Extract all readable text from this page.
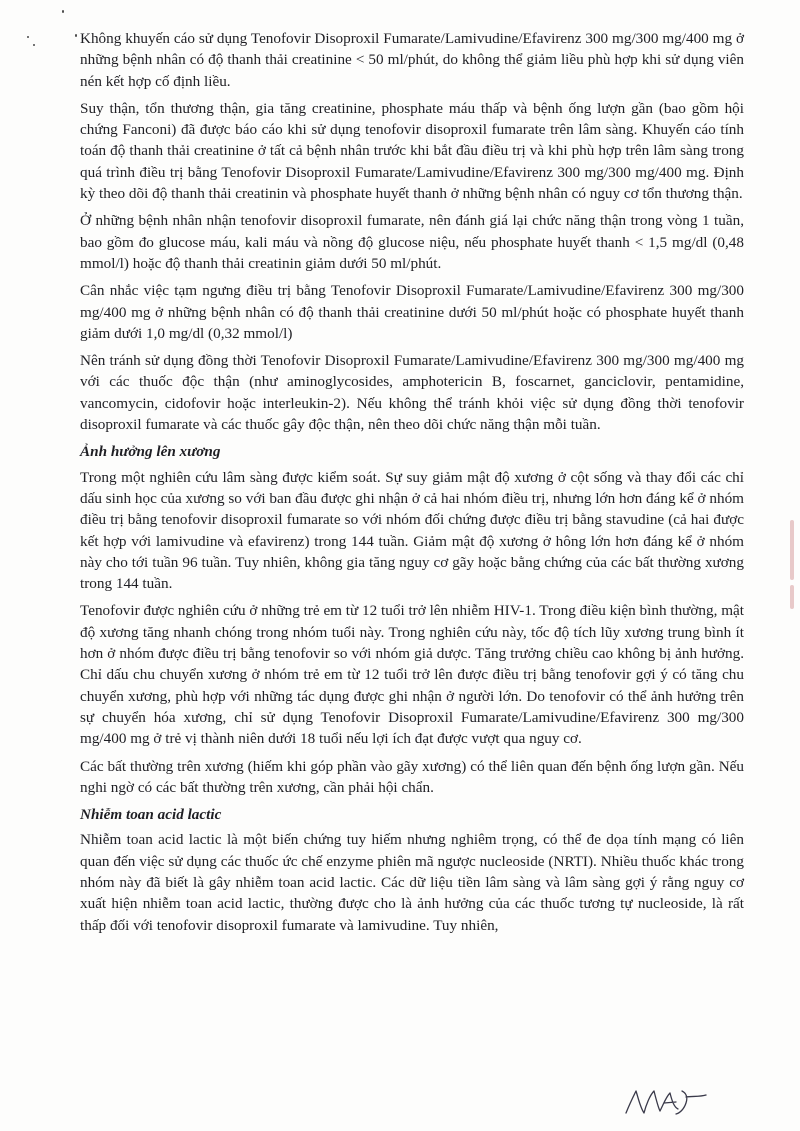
Không khuyến cáo sử dụng Tenofovir Disoproxil Fumarate/Lamivudine/Efavirenz 300 mg/300 mg/400 mg ở những bệnh nhân có độ thanh thải creatinine < 50 ml/phút, do không thể giảm liều phù hợp khi sử dụng viên nén kết hợp cố định liều.

Suy thận, tổn thương thận, gia tăng creatinine, phosphate máu thấp và bệnh ống lượn gần (bao gồm hội chứng Fanconi) đã được báo cáo khi sử dụng tenofovir disoproxil fumarate trên lâm sàng. Khuyến cáo tính toán độ thanh thải creatinine ở tất cả bệnh nhân trước khi bắt đầu điều trị và khi phù hợp trên lâm sàng trong quá trình điều trị bằng Tenofovir Disoproxil Fumarate/Lamivudine/Efavirenz 300 mg/300 mg/400 mg. Định kỳ theo dõi độ thanh thải creatinin và phosphate huyết thanh ở những bệnh nhân có nguy cơ tổn thương thận.

Ở những bệnh nhân nhận tenofovir disoproxil fumarate, nên đánh giá lại chức năng thận trong vòng 1 tuần, bao gồm đo glucose máu, kali máu và nồng độ glucose niệu, nếu phosphate huyết thanh < 1,5 mg/dl (0,48 mmol/l) hoặc độ thanh thải creatinin giảm dưới 50 ml/phút.

Cân nhắc việc tạm ngưng điều trị bằng Tenofovir Disoproxil Fumarate/Lamivudine/Efavirenz 300 mg/300 mg/400 mg ở những bệnh nhân có độ thanh thải creatinine dưới 50 ml/phút hoặc có phosphate huyết thanh giảm dưới 1,0 mg/dl (0,32 mmol/l)

Nên tránh sử dụng đồng thời Tenofovir Disoproxil Fumarate/Lamivudine/Efavirenz 300 mg/300 mg/400 mg với các thuốc độc thận (như aminoglycosides, amphotericin B, foscarnet, ganciclovir, pentamidine, vancomycin, cidofovir hoặc interleukin-2). Nếu không thể tránh khỏi việc sử dụng đồng thời tenofovir disoproxil fumarate và các thuốc gây độc thận, nên theo dõi chức năng thận mỗi tuần.

Ảnh hưởng lên xương

Trong một nghiên cứu lâm sàng được kiểm soát. Sự suy giảm mật độ xương ở cột sống và thay đổi các chỉ dấu sinh học của xương so với ban đầu được ghi nhận ở cả hai nhóm điều trị, nhưng lớn hơn đáng kể ở nhóm điều trị bằng tenofovir disoproxil fumarate so với nhóm đối chứng được điều trị bằng stavudine (cả hai được kết hợp với lamivudine và efavirenz) trong 144 tuần. Giảm mật độ xương ở hông lớn hơn đáng kể ở nhóm này cho tới tuần 96 tuần. Tuy nhiên, không gia tăng nguy cơ gãy hoặc bằng chứng của các bất thường xương trong 144 tuần.

Tenofovir được nghiên cứu ở những trẻ em từ 12 tuổi trở lên nhiễm HIV-1. Trong điều kiện bình thường, mật độ xương tăng nhanh chóng trong nhóm tuổi này. Trong nghiên cứu này, tốc độ tích lũy xương trung bình ít hơn ở nhóm được điều trị bằng tenofovir so với nhóm giả dược. Tăng trưởng chiều cao không bị ảnh hưởng. Chỉ dấu chu chuyển xương ở nhóm trẻ em từ 12 tuổi trở lên được điều trị bằng tenofovir gợi ý có tăng chu chuyển xương, phù hợp với những tác dụng được ghi nhận ở người lớn. Do tenofovir có thể ảnh hưởng trên sự chuyển hóa xương, chỉ sử dụng Tenofovir Disoproxil Fumarate/Lamivudine/Efavirenz 300 mg/300 mg/400 mg ở trẻ vị thành niên dưới 18 tuổi nếu lợi ích đạt được vượt qua nguy cơ.

Các bất thường trên xương (hiếm khi góp phần vào gãy xương) có thể liên quan đến bệnh ống lượn gần. Nếu nghi ngờ có các bất thường trên xương, cần phải hội chẩn.

Nhiễm toan acid lactic

Nhiễm toan acid lactic là một biến chứng tuy hiếm nhưng nghiêm trọng, có thể đe dọa tính mạng có liên quan đến việc sử dụng các thuốc ức chế enzyme phiên mã ngược nucleoside (NRTI). Nhiều thuốc khác trong nhóm này đã biết là gây nhiễm toan acid lactic. Các dữ liệu tiền lâm sàng và lâm sàng gợi ý rằng nguy cơ xuất hiện nhiễm toan acid lactic, thường được cho là ảnh hưởng của các thuốc tương tự nucleoside, là rất thấp đối với tenofovir disoproxil fumarate và lamivudine. Tuy nhiên,
